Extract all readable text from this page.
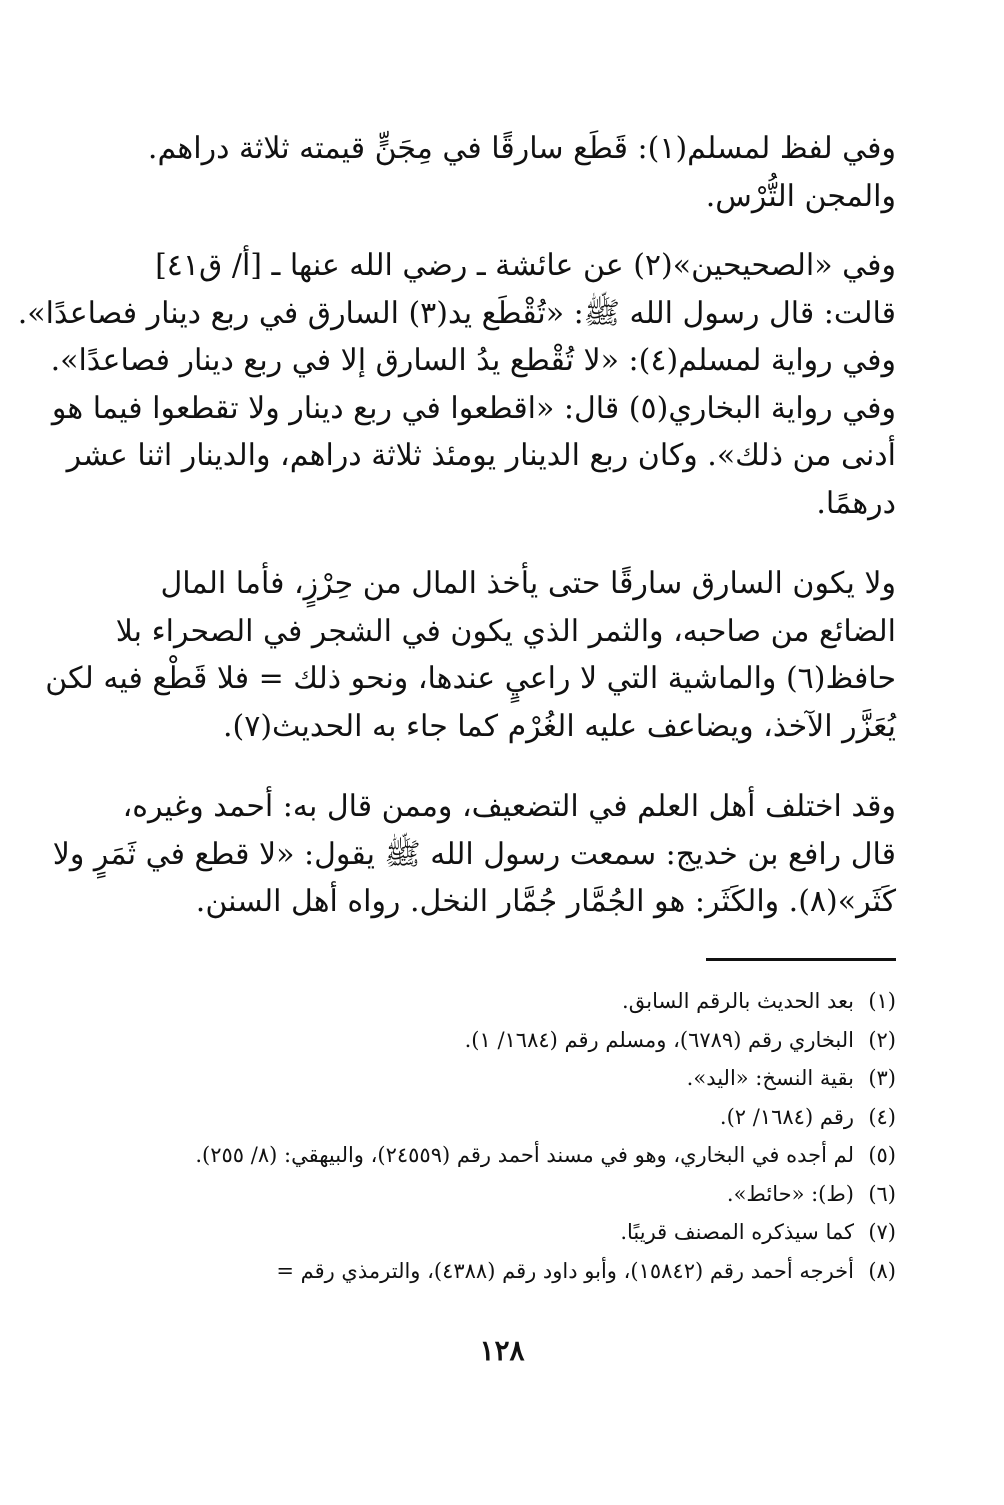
وفي لفظ لمسلم(١): قَطَع سارقًا في مِجَنٍّ قيمته ثلاثة دراهم.
والمجن التُّرْس.
وفي «الصحيحين»(٢) عن عائشة ـ رضي الله عنها ـ [أ/ ق٤١]
قالت: قال رسول الله ﷺ: «تُقْطَع يد(٣) السارق في ربع دينار فصاعدًا».
وفي رواية لمسلم(٤): «لا تُقْطع يدُ السارق إلا في ربع دينار فصاعدًا».
وفي رواية البخاري(٥) قال: «اقطعوا في ربع دينار ولا تقطعوا فيما هو
أدنى من ذلك». وكان ربع الدينار يومئذ ثلاثة دراهم، والدينار اثنا عشر
درهمًا.
ولا يكون السارق سارقًا حتى يأخذ المال من حِرْزٍ، فأما المال
الضائع من صاحبه، والثمر الذي يكون في الشجر في الصحراء بلا
حافظ(٦) والماشية التي لا راعيٍ عندها، ونحو ذلك = فلا قَطْع فيه لكن
يُعَزَّر الآخذ، ويضاعف عليه الغُرْم كما جاء به الحديث(٧).
وقد اختلف أهل العلم في التضعيف، وممن قال به: أحمد وغيره،
قال رافع بن خديج: سمعت رسول الله ﷺ يقول: «لا قطع في ثَمَرٍ ولا
كَثَر»(٨). والكَثَر: هو الجُمَّار جُمَّار النخل. رواه أهل السنن.
(١)بعد الحديث بالرقم السابق.
(٢)البخاري رقم (٦٧٨٩)، ومسلم رقم (١٦٨٤/ ١).
(٣)بقية النسخ: «اليد».
(٤)رقم (١٦٨٤/ ٢).
(٥)لم أجده في البخاري، وهو في مسند أحمد رقم (٢٤٥٥٩)، والبيهقي: (٨/ ٢٥٥).
(٦)(ط): «حائط».
(٧)كما سيذكره المصنف قريبًا.
(٨)أخرجه أحمد رقم (١٥٨٤٢)، وأبو داود رقم (٤٣٨٨)، والترمذي رقم =
١٢٨
